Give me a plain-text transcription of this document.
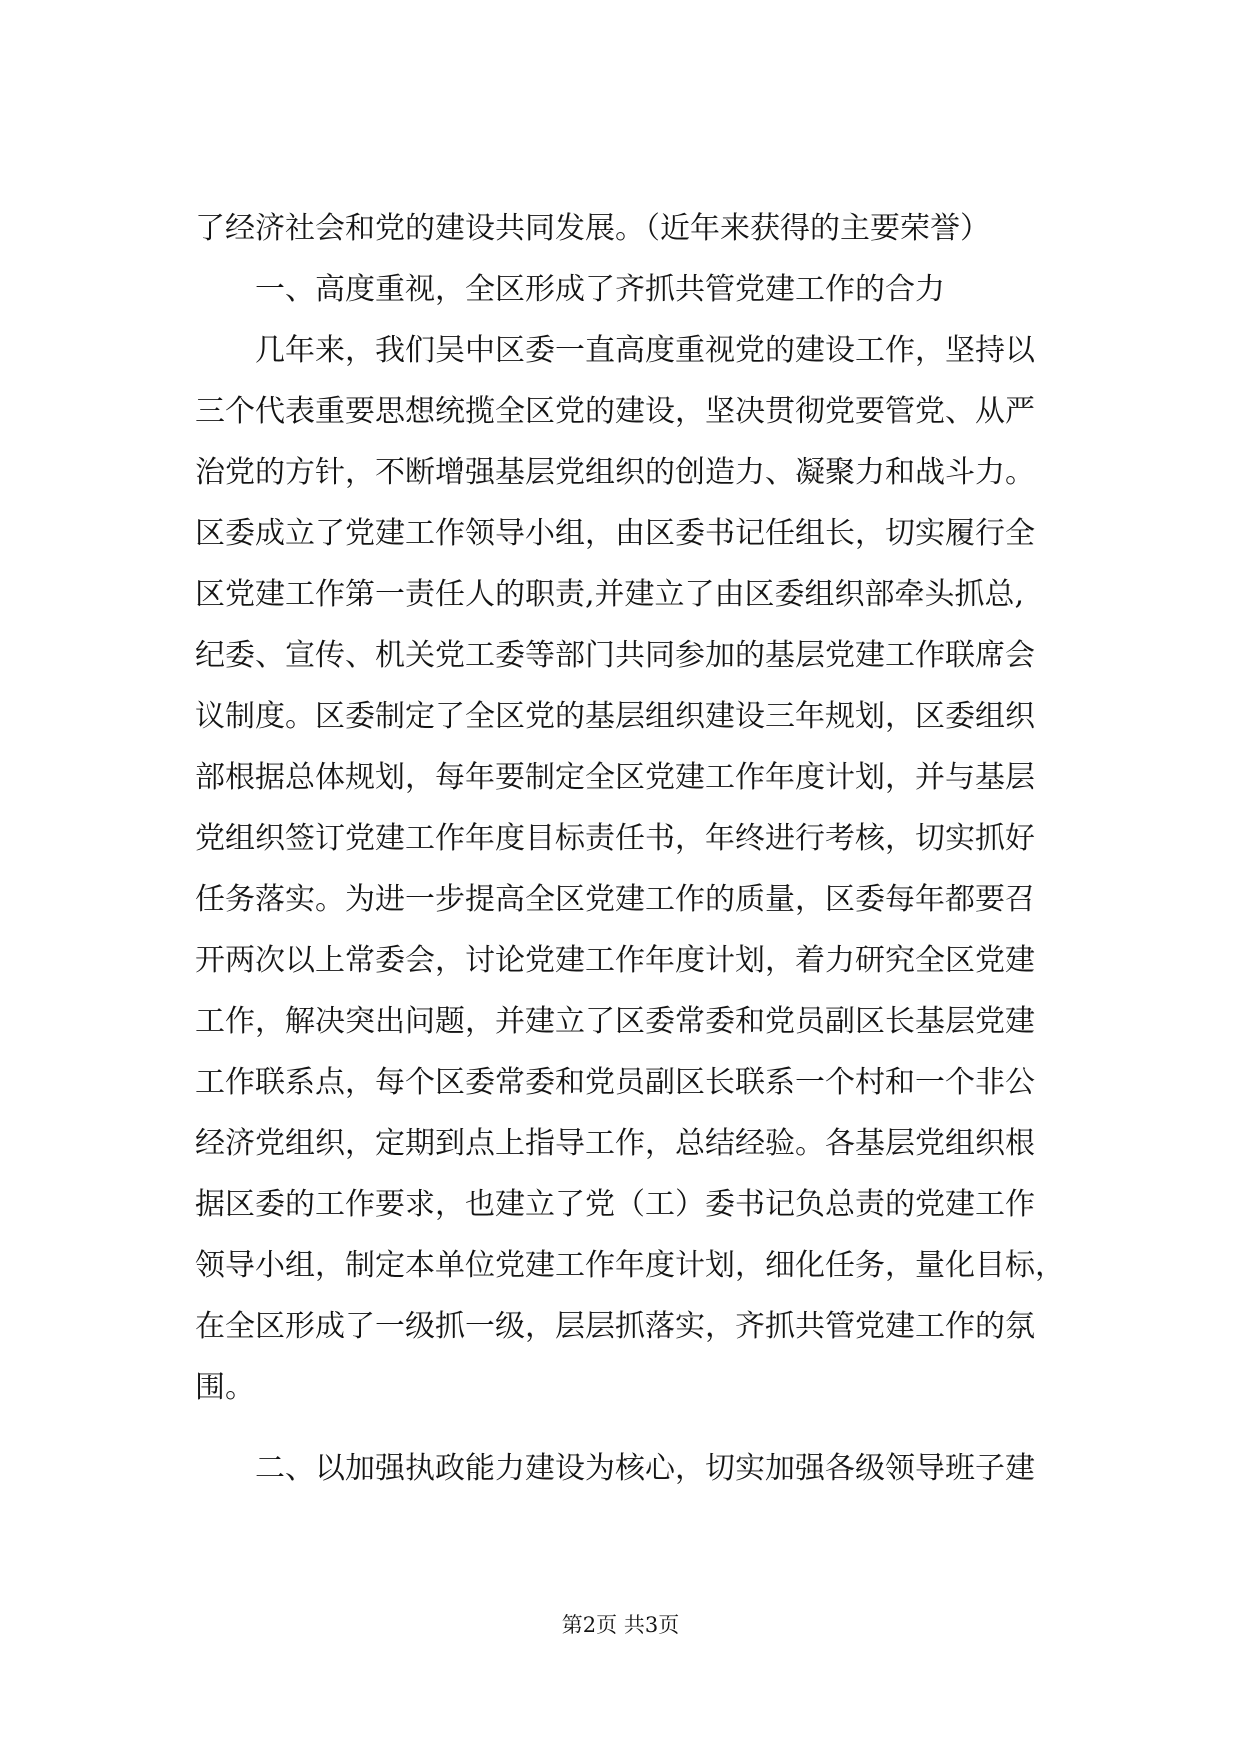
了经济社会和党的建设共同发展。（近年来获得的主要荣誉）
　　一、高度重视，全区形成了齐抓共管党建工作的合力
　　几年来，我们吴中区委一直高度重视党的建设工作，坚持以
三个代表重要思想统揽全区党的建设，坚决贯彻党要管党、从严
治党的方针，不断增强基层党组织的创造力、凝聚力和战斗力。
区委成立了党建工作领导小组，由区委书记任组长，切实履行全
区党建工作第一责任人的职责,并建立了由区委组织部牵头抓总,
纪委、宣传、机关党工委等部门共同参加的基层党建工作联席会
议制度。区委制定了全区党的基层组织建设三年规划，区委组织
部根据总体规划，每年要制定全区党建工作年度计划，并与基层
党组织签订党建工作年度目标责任书，年终进行考核，切实抓好
任务落实。为进一步提高全区党建工作的质量，区委每年都要召
开两次以上常委会，讨论党建工作年度计划，着力研究全区党建
工作，解决突出问题，并建立了区委常委和党员副区长基层党建
工作联系点，每个区委常委和党员副区长联系一个村和一个非公
经济党组织，定期到点上指导工作，总结经验。各基层党组织根
据区委的工作要求，也建立了党（工）委书记负总责的党建工作
领导小组，制定本单位党建工作年度计划，细化任务，量化目标，
在全区形成了一级抓一级，层层抓落实，齐抓共管党建工作的氛
围。
　　二、以加强执政能力建设为核心，切实加强各级领导班子建
第2页 共3页
